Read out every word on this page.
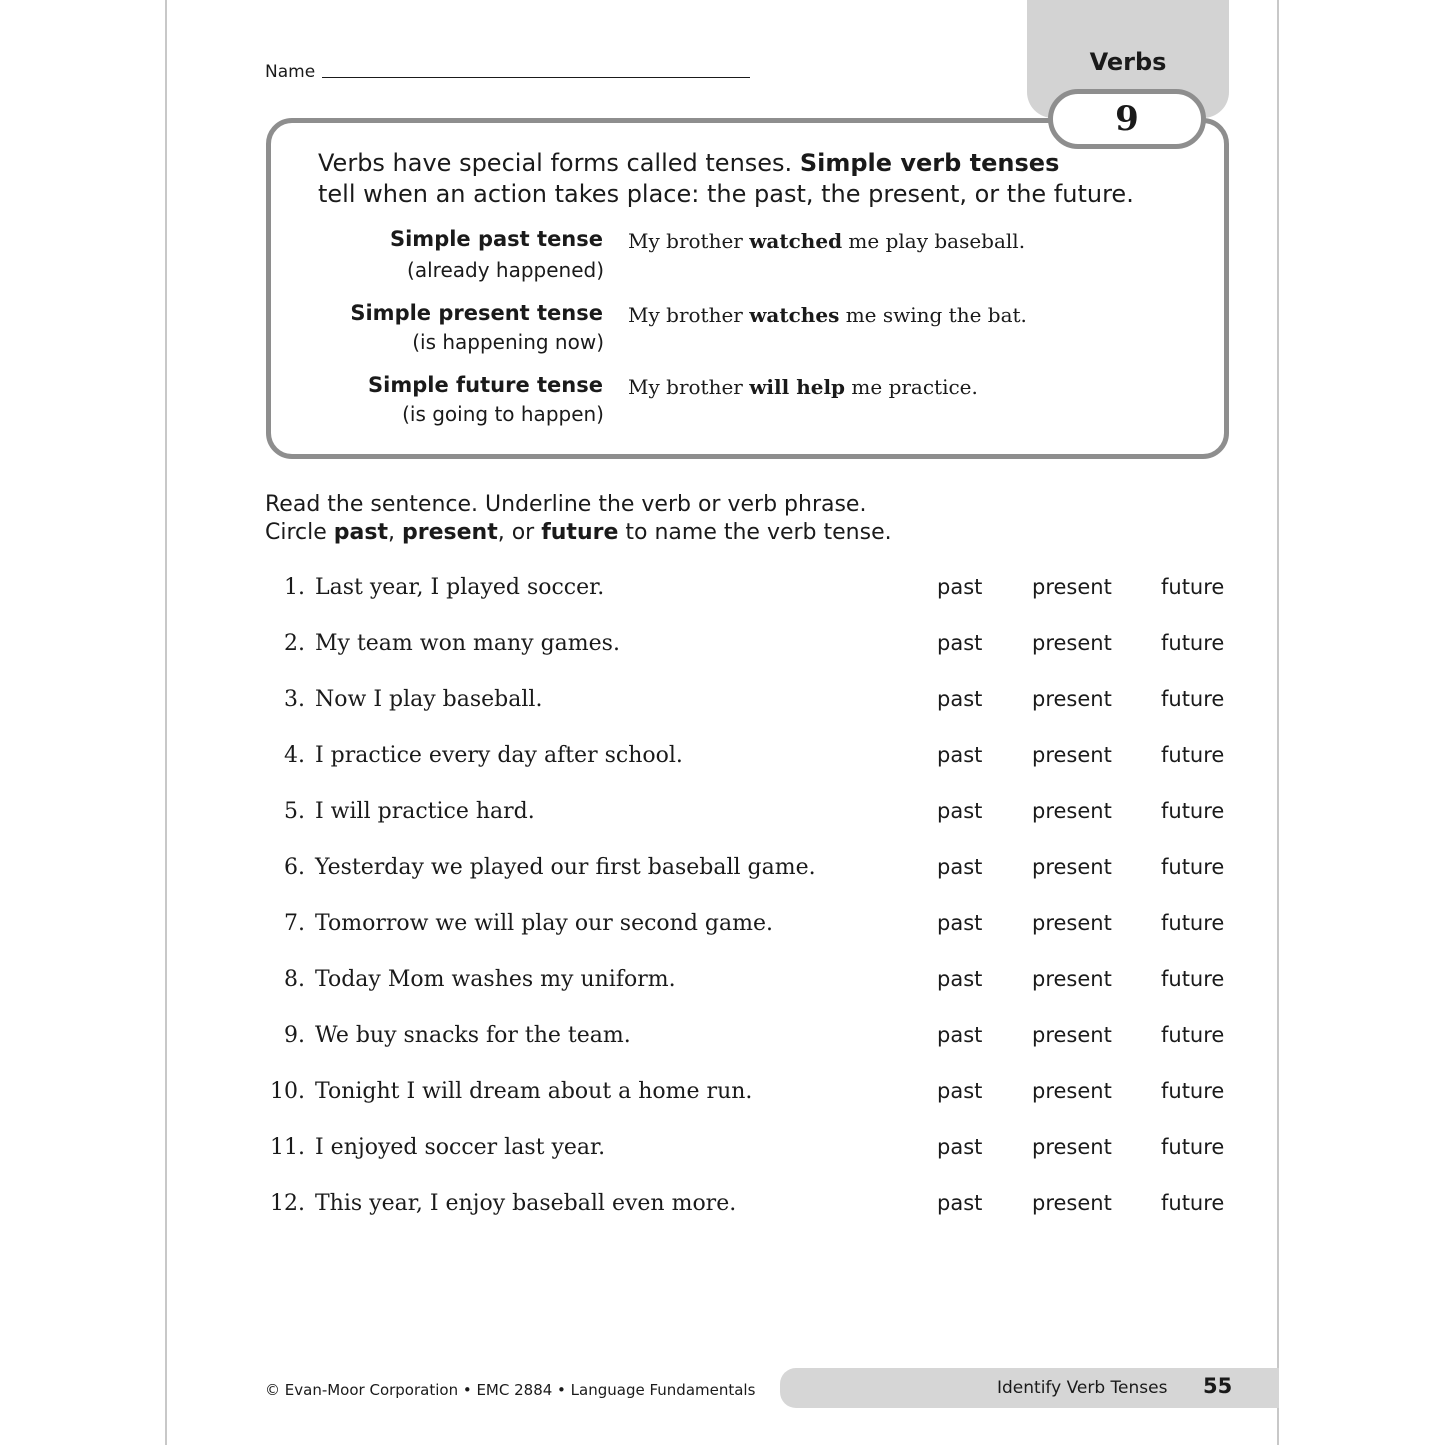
Name	Verbs
9
Verbs have special forms called tenses. Simple verb tenses
tell when an action takes place: the past, the present, or the future.
Simple past tense
(already happened)
My brother watched me play baseball.
Simple present tense
(is happening now)
My brother watches me swing the bat.
Simple future tense
(is going to happen)
My brother will help me practice.
Read the sentence. Underline the verb or verb phrase.
Circle past, present, or future to name the verb tense.
1. Last year, I played soccer.	past present future
2. My team won many games.	past present future
3. Now I play baseball.	past present future
4. I practice every day after school.	past present future
5. I will practice hard.	past present future
6. Yesterday we played our first baseball game.	past present future
7. Tomorrow we will play our second game.	past present future
8. Today Mom washes my uniform.	past present future
9. We buy snacks for the team.	past present future
10. Tonight I will dream about a home run.	past present future
11. I enjoyed soccer last year.	past present future
12. This year, I enjoy baseball even more.	past present future
© Evan-Moor Corporation • EMC 2884 • Language Fundamentals	Identify Verb Tenses 55
